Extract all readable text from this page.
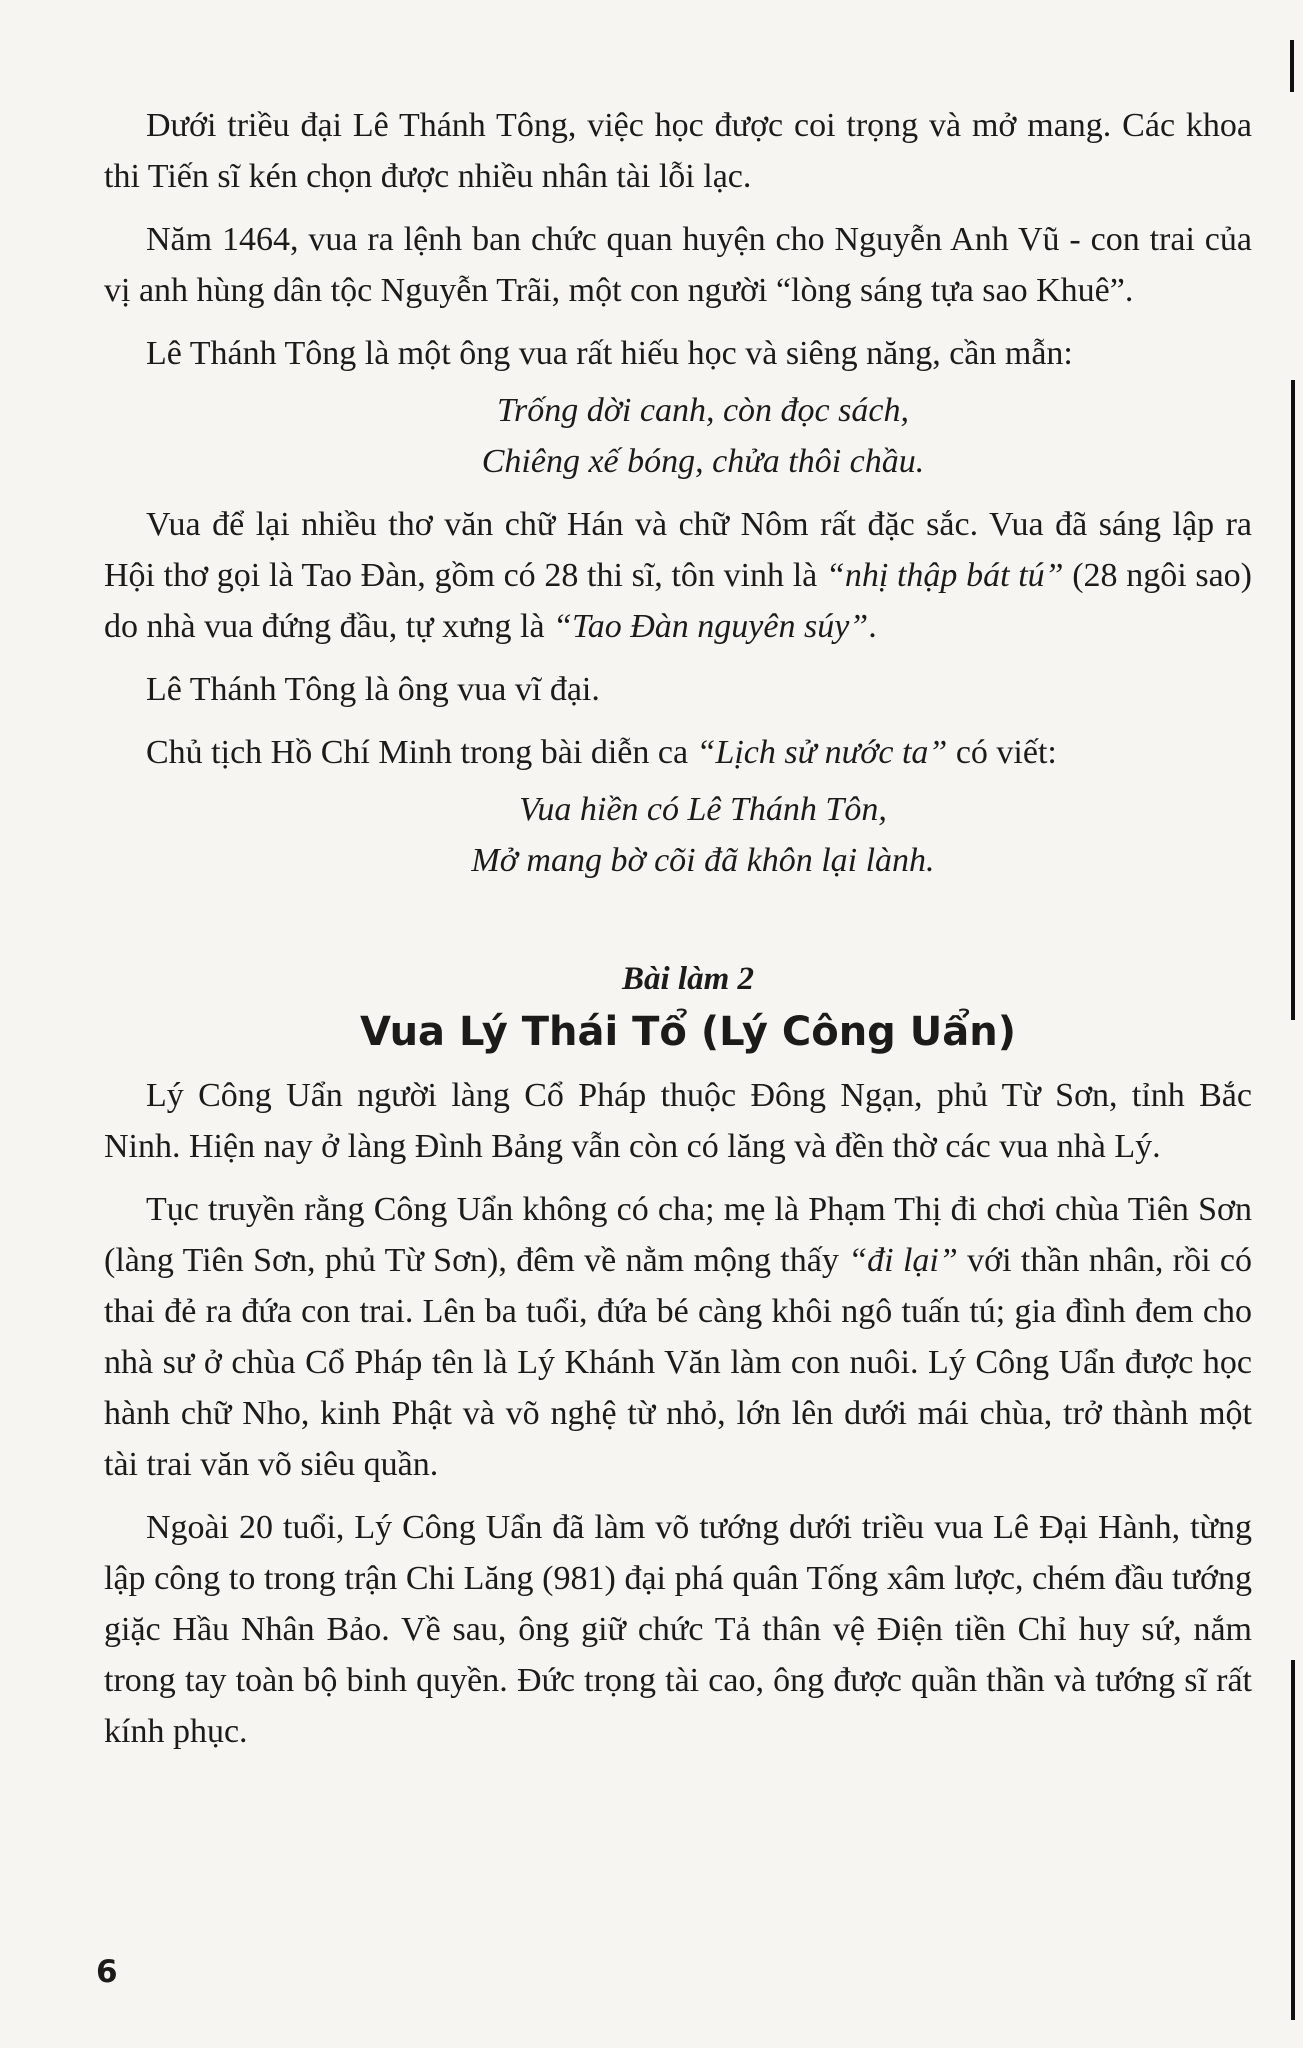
Dưới triều đại Lê Thánh Tông, việc học được coi trọng và mở mang. Các khoa thi Tiến sĩ kén chọn được nhiều nhân tài lỗi lạc.

Năm 1464, vua ra lệnh ban chức quan huyện cho Nguyễn Anh Vũ - con trai của vị anh hùng dân tộc Nguyễn Trãi, một con người “lòng sáng tựa sao Khuê”.

Lê Thánh Tông là một ông vua rất hiếu học và siêng năng, cần mẫn:

Trống dời canh, còn đọc sách,
Chiêng xế bóng, chửa thôi chầu.

Vua để lại nhiều thơ văn chữ Hán và chữ Nôm rất đặc sắc. Vua đã sáng lập ra Hội thơ gọi là Tao Đàn, gồm có 28 thi sĩ, tôn vinh là “nhị thập bát tú” (28 ngôi sao) do nhà vua đứng đầu, tự xưng là “Tao Đàn nguyên súy”.

Lê Thánh Tông là ông vua vĩ đại.

Chủ tịch Hồ Chí Minh trong bài diễn ca “Lịch sử nước ta” có viết:

Vua hiền có Lê Thánh Tôn,
Mở mang bờ cõi đã khôn lại lành.
Bài làm 2
Vua Lý Thái Tổ (Lý Công Uẩn)

Lý Công Uẩn người làng Cổ Pháp thuộc Đông Ngạn, phủ Từ Sơn, tỉnh Bắc Ninh. Hiện nay ở làng Đình Bảng vẫn còn có lăng và đền thờ các vua nhà Lý.

Tục truyền rằng Công Uẩn không có cha; mẹ là Phạm Thị đi chơi chùa Tiên Sơn (làng Tiên Sơn, phủ Từ Sơn), đêm về nằm mộng thấy “đi lại” với thần nhân, rồi có thai đẻ ra đứa con trai. Lên ba tuổi, đứa bé càng khôi ngô tuấn tú; gia đình đem cho nhà sư ở chùa Cổ Pháp tên là Lý Khánh Văn làm con nuôi. Lý Công Uẩn được học hành chữ Nho, kinh Phật và võ nghệ từ nhỏ, lớn lên dưới mái chùa, trở thành một tài trai văn võ siêu quần.

Ngoài 20 tuổi, Lý Công Uẩn đã làm võ tướng dưới triều vua Lê Đại Hành, từng lập công to trong trận Chi Lăng (981) đại phá quân Tống xâm lược, chém đầu tướng giặc Hầu Nhân Bảo. Về sau, ông giữ chức Tả thân vệ Điện tiền Chỉ huy sứ, nắm trong tay toàn bộ binh quyền. Đức trọng tài cao, ông được quần thần và tướng sĩ rất kính phục.

6
